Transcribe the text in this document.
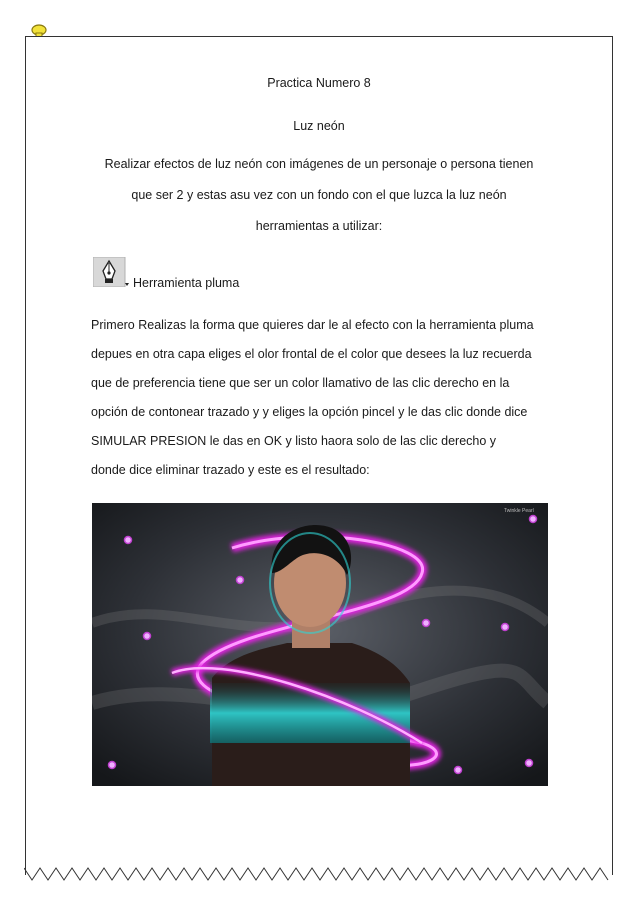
Practica Numero 8
Luz neón
Realizar efectos de luz neón con imágenes de un personaje o persona tienen
que ser 2 y estas asu vez con un fondo con el que luzca la luz neón
herramientas a utilizar:
Herramienta pluma
Primero Realizas la forma que quieres dar le al efecto con la herramienta pluma
depues en otra capa eliges el olor frontal de el color que desees la luz recuerda
que de preferencia tiene que ser un color llamativo de las clic derecho en la
opción de contonear trazado y y eliges la opción pincel y le das clic donde dice
SIMULAR PRESION le das en OK y listo haora solo de las clic derecho y
donde dice eliminar trazado y este es el resultado:
Twinkle Pearl
